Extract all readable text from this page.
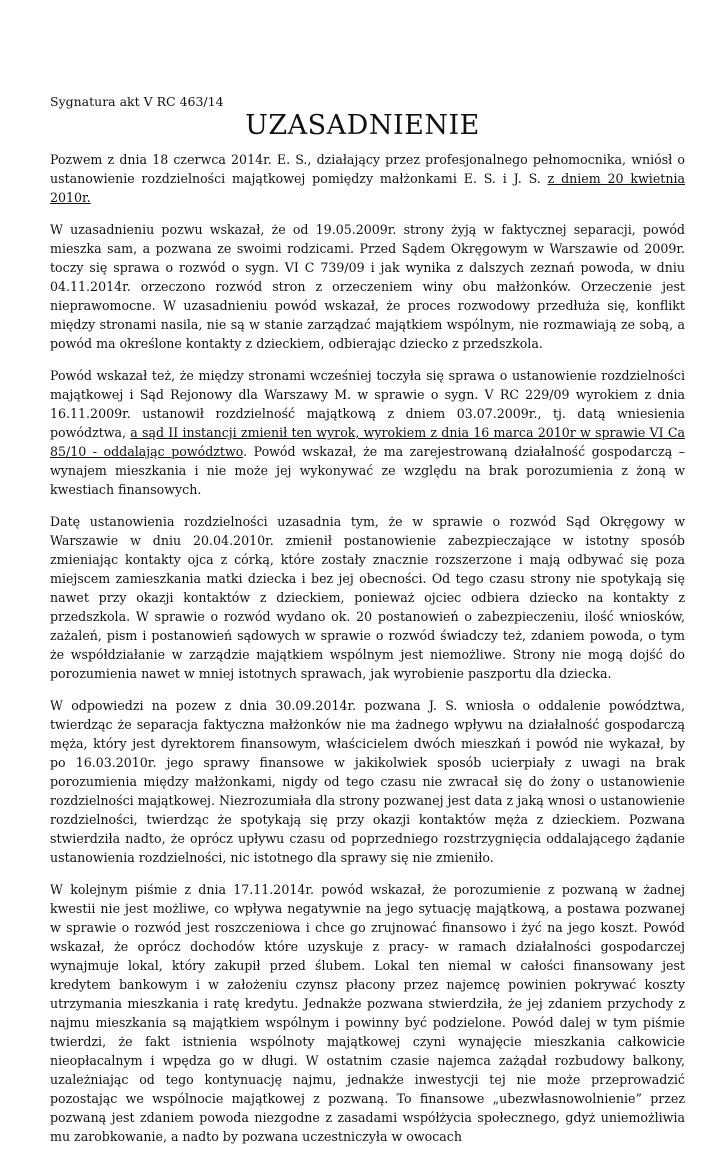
Sygnatura akt V RC 463/14

UZASADNIENIE

Pozwem z dnia 18 czerwca 2014r. E. S., działający przez profesjonalnego pełnomocnika, wniósł o ustanowienie rozdzielności majątkowej pomiędzy małżonkami E. S. i J. S. z dniem 20 kwietnia 2010r.

W uzasadnieniu pozwu wskazał, że od 19.05.2009r. strony żyją w faktycznej separacji, powód mieszka sam, a pozwana ze swoimi rodzicami. Przed Sądem Okręgowym w Warszawie od 2009r. toczy się sprawa o rozwód o sygn. VI C 739/09 i jak wynika z dalszych zeznań powoda, w dniu 04.11.2014r. orzeczono rozwód stron z orzeczeniem winy obu małżonków. Orzeczenie jest nieprawomocne. W uzasadnieniu powód wskazał, że proces rozwodowy przedłuża się, konflikt między stronami nasila, nie są w stanie zarządzać majątkiem wspólnym, nie rozmawiają ze sobą, a powód ma określone kontakty z dzieckiem, odbierając dziecko z przedszkola.

Powód wskazał też, że między stronami wcześniej toczyła się sprawa o ustanowienie rozdzielności majątkowej i Sąd Rejonowy dla Warszawy M. w sprawie o sygn. V RC 229/09 wyrokiem z dnia 16.11.2009r. ustanowił rozdzielność majątkową z dniem 03.07.2009r., tj. datą wniesienia powództwa, a sąd II instancji zmienił ten wyrok, wyrokiem z dnia 16 marca 2010r w sprawie VI Ca 85/10 - oddalając powództwo. Powód wskazał, że ma zarejestrowaną działalność gospodarczą – wynajem mieszkania i nie może jej wykonywać ze względu na brak porozumienia z żoną w kwestiach finansowych.

Datę ustanowienia rozdzielności uzasadnia tym, że w sprawie o rozwód Sąd Okręgowy w Warszawie w dniu 20.04.2010r. zmienił postanowienie zabezpieczające w istotny sposób zmieniając kontakty ojca z córką, które zostały znacznie rozszerzone i mają odbywać się poza miejscem zamieszkania matki dziecka i bez jej obecności. Od tego czasu strony nie spotykają się nawet przy okazji kontaktów z dzieckiem, ponieważ ojciec odbiera dziecko na kontakty z przedszkola. W sprawie o rozwód wydano ok. 20 postanowień o zabezpieczeniu, ilość wniosków, zażaleń, pism i postanowień sądowych w sprawie o rozwód świadczy też, zdaniem powoda, o tym że współdziałanie w zarządzie majątkiem wspólnym jest niemożliwe. Strony nie mogą dojść do porozumienia nawet w mniej istotnych sprawach, jak wyrobienie paszportu dla dziecka.

W odpowiedzi na pozew z dnia 30.09.2014r. pozwana J. S. wniosła o oddalenie powództwa, twierdząc że separacja faktyczna małżonków nie ma żadnego wpływu na działalność gospodarczą męża, który jest dyrektorem finansowym, właścicielem dwóch mieszkań i powód nie wykazał, by po 16.03.2010r. jego sprawy finansowe w jakikolwiek sposób ucierpiały z uwagi na brak porozumienia między małżonkami, nigdy od tego czasu nie zwracał się do żony o ustanowienie rozdzielności majątkowej. Niezrozumiała dla strony pozwanej jest data z jaką wnosi o ustanowienie rozdzielności, twierdząc że spotykają się przy okazji kontaktów męża z dzieckiem. Pozwana stwierdziła nadto, że oprócz upływu czasu od poprzedniego rozstrzygnięcia oddalającego żądanie ustanowienia rozdzielności, nic istotnego dla sprawy się nie zmieniło.

W kolejnym piśmie z dnia 17.11.2014r. powód wskazał, że porozumienie z pozwaną w żadnej kwestii nie jest możliwe, co wpływa negatywnie na jego sytuację majątkową, a postawa pozwanej w sprawie o rozwód jest roszczeniowa i chce go zrujnować finansowo i żyć na jego koszt. Powód wskazał, że oprócz dochodów które uzyskuje z pracy- w ramach działalności gospodarczej wynajmuje lokal, który zakupił przed ślubem. Lokal ten niemal w całości finansowany jest kredytem bankowym i w założeniu czynsz płacony przez najemcę powinien pokrywać koszty utrzymania mieszkania i ratę kredytu. Jednakże pozwana stwierdziła, że jej zdaniem przychody z najmu mieszkania są majątkiem wspólnym i powinny być podzielone. Powód dalej w tym piśmie twierdzi, że fakt istnienia wspólnoty majątkowej czyni wynajęcie mieszkania całkowicie nieopłacalnym i wpędza go w długi. W ostatnim czasie najemca zażądał rozbudowy balkony, uzależniając od tego kontynuację najmu, jednakże inwestycji tej nie może przeprowadzić pozostając we wspólnocie majątkowej z pozwaną. To finansowe „ubezwłasnowolnienie” przez pozwaną jest zdaniem powoda niezgodne z zasadami współżycia społecznego, gdyż uniemożliwia mu zarobkowanie, a nadto by pozwana uczestniczyła w owocach
